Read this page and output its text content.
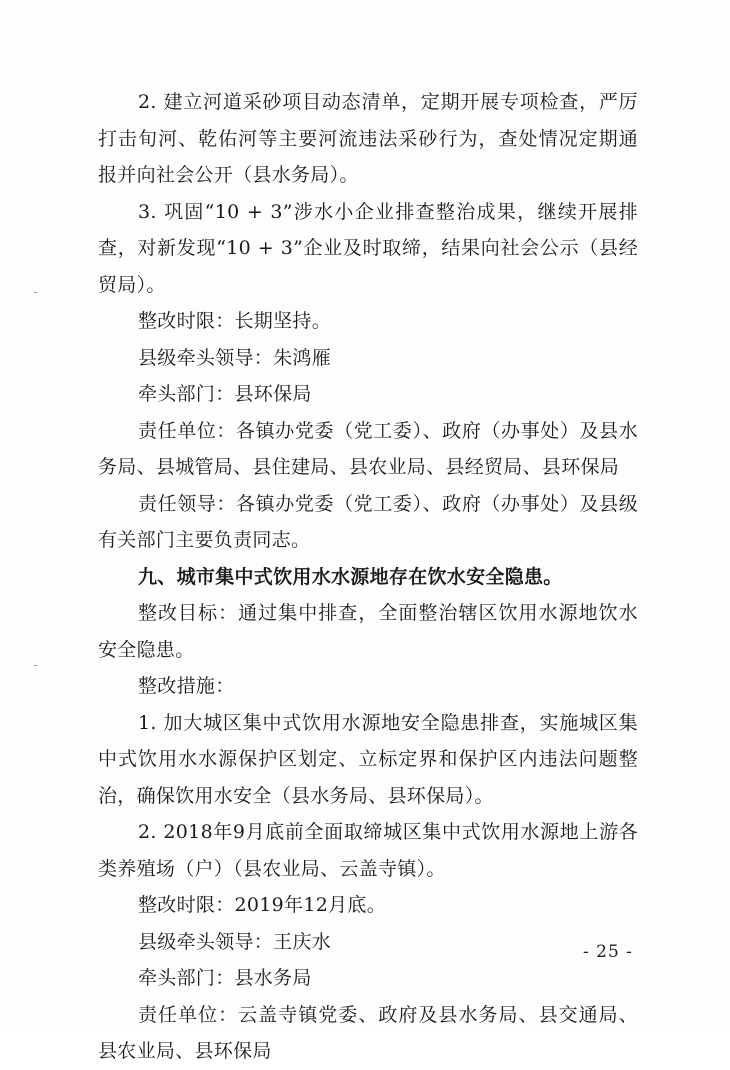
2. 建立河道采砂项目动态清单，定期开展专项检查，严厉打击旬河、乾佑河等主要河流违法采砂行为，查处情况定期通报并向社会公开（县水务局）。

3. 巩固“10 + 3”涉水小企业排查整治成果，继续开展排查，对新发现“10 + 3”企业及时取缔，结果向社会公示（县经贸局）。

整改时限：长期坚持。

县级牵头领导：朱鸿雁

牵头部门：县环保局

责任单位：各镇办党委（党工委）、政府（办事处）及县水务局、县城管局、县住建局、县农业局、县经贸局、县环保局

责任领导：各镇办党委（党工委）、政府（办事处）及县级有关部门主要负责同志。

九、城市集中式饮用水水源地存在饮水安全隐患。

整改目标：通过集中排查，全面整治辖区饮用水源地饮水安全隐患。

整改措施：

1. 加大城区集中式饮用水源地安全隐患排查，实施城区集中式饮用水水源保护区划定、立标定界和保护区内违法问题整治，确保饮用水安全（县水务局、县环保局）。

2. 2018年9月底前全面取缔城区集中式饮用水源地上游各类养殖场（户）（县农业局、云盖寺镇）。

整改时限：2019年12月底。

县级牵头领导：王庆水

牵头部门：县水务局

责任单位：云盖寺镇党委、政府及县水务局、县交通局、县农业局、县环保局

- 25 -
